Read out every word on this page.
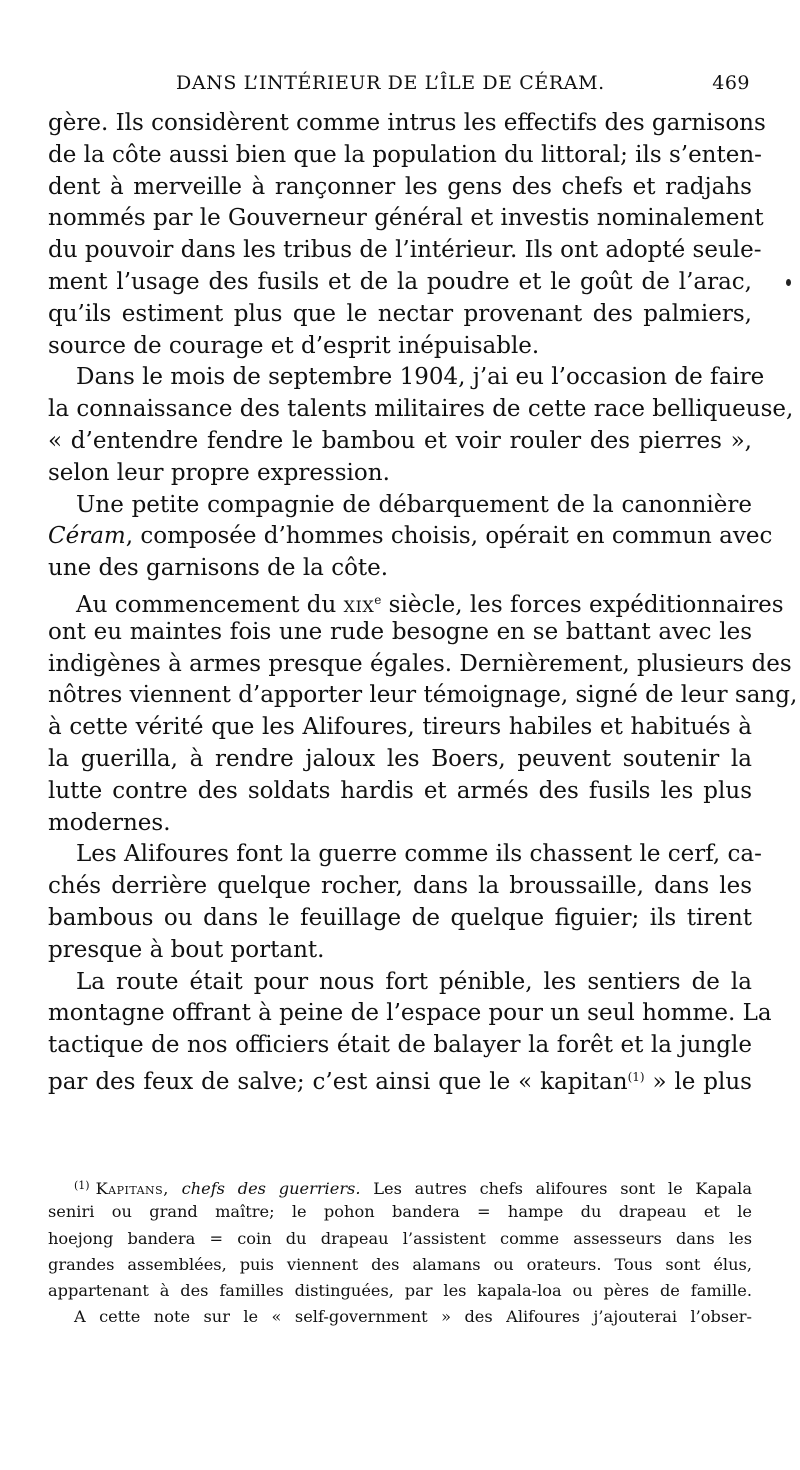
DANS L’INTÉRIEUR DE L’ÎLE DE CÉRAM.	469
gère. Ils considèrent comme intrus les effectifs des garnisons
de la côte aussi bien que la population du littoral; ils s’enten-
dent à merveille à rançonner les gens des chefs et radjahs
nommés par le Gouverneur général et investis nominalement
du pouvoir dans les tribus de l’intérieur. Ils ont adopté seule-
ment l’usage des fusils et de la poudre et le goût de l’arac,
qu’ils estiment plus que le nectar provenant des palmiers,
source de courage et d’esprit inépuisable.
Dans le mois de septembre 1904, j’ai eu l’occasion de faire
la connaissance des talents militaires de cette race belliqueuse,
« d’entendre fendre le bambou et voir rouler des pierres »,
selon leur propre expression.
Une petite compagnie de débarquement de la canonnière
Céram, composée d’hommes choisis, opérait en commun avec
une des garnisons de la côte.
Au commencement du xix$^e$ siècle, les forces expéditionnaires
ont eu maintes fois une rude besogne en se battant avec les
indigènes à armes presque égales. Dernièrement, plusieurs des
nôtres viennent d’apporter leur témoignage, signé de leur sang,
à cette vérité que les Alifoures, tireurs habiles et habitués à
la guerilla, à rendre jaloux les Boers, peuvent soutenir la
lutte contre des soldats hardis et armés des fusils les plus
modernes.
Les Alifoures font la guerre comme ils chassent le cerf, ca-
chés derrière quelque rocher, dans la broussaille, dans les
bambous ou dans le feuillage de quelque figuier; ils tirent
presque à bout portant.
La route était pour nous fort pénible, les sentiers de la
montagne offrant à peine de l’espace pour un seul homme. La
tactique de nos officiers était de balayer la forêt et la jungle
par des feux de salve; c’est ainsi que le « kapitan$^{(1)}$ » le plus
$^{(1)}$ Kapitans, chefs des guerriers. Les autres chefs alifoures sont le Kapala
seniri ou grand maître; le pohon bandera = hampe du drapeau et le
hoejong bandera = coin du drapeau l’assistent comme assesseurs dans les
grandes assemblées, puis viennent des alamans ou orateurs. Tous sont élus,
appartenant à des familles distinguées, par les kapala-loa ou pères de famille.
A cette note sur le « self-government » des Alifoures j’ajouterai l’obser-
